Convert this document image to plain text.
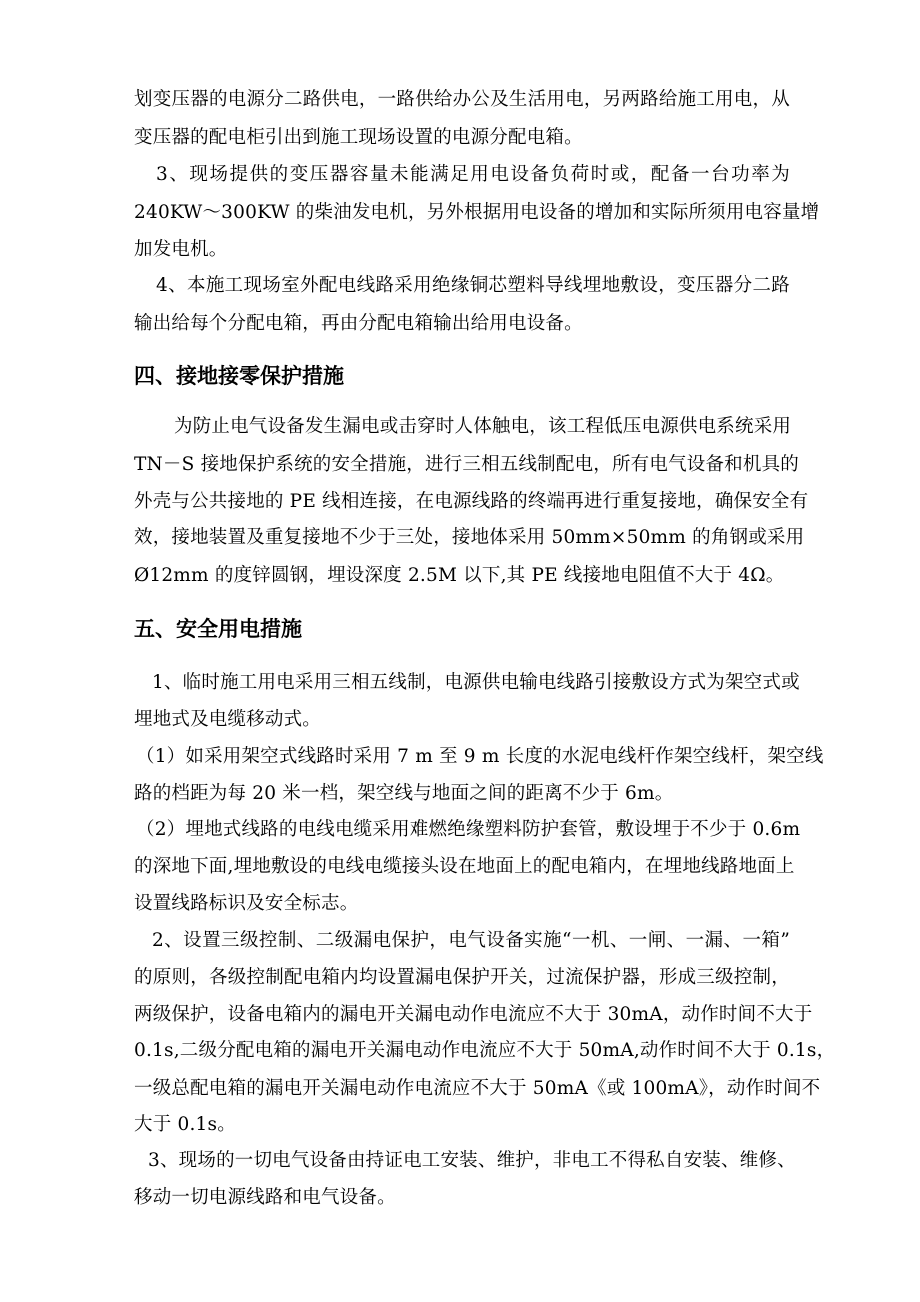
划变压器的电源分二路供电，一路供给办公及生活用电，另两路给施工用电，从
变压器的配电柜引出到施工现场设置的电源分配电箱。
3、现场提供的变压器容量未能满足用电设备负荷时或，配备一台功率为
240KW～300KW 的柴油发电机，另外根据用电设备的增加和实际所须用电容量增
加发电机。
4、本施工现场室外配电线路采用绝缘铜芯塑料导线埋地敷设，变压器分二路
输出给每个分配电箱，再由分配电箱输出给用电设备。
四、接地接零保护措施
为防止电气设备发生漏电或击穿时人体触电，该工程低压电源供电系统采用
TN－S 接地保护系统的安全措施，进行三相五线制配电，所有电气设备和机具的
外壳与公共接地的 PE 线相连接，在电源线路的终端再进行重复接地，确保安全有
效，接地装置及重复接地不少于三处，接地体采用 50mm×50mm 的角钢或采用
Ø12mm 的度锌圆钢，埋设深度 2.5M 以下,其 PE 线接地电阻值不大于 4Ω。
五、安全用电措施
1、临时施工用电采用三相五线制，电源供电输电线路引接敷设方式为架空式或
埋地式及电缆移动式。
（1）如采用架空式线路时采用 7 m 至 9 m 长度的水泥电线杆作架空线杆，架空线
路的档距为每 20 米一档，架空线与地面之间的距离不少于 6m。
（2）埋地式线路的电线电缆采用难燃绝缘塑料防护套管，敷设埋于不少于 0.6m
的深地下面,埋地敷设的电线电缆接头设在地面上的配电箱内，在埋地线路地面上
设置线路标识及安全标志。
2、设置三级控制、二级漏电保护，电气设备实施“一机、一闸、一漏、一箱”
的原则，各级控制配电箱内均设置漏电保护开关，过流保护器，形成三级控制，
两级保护，设备电箱内的漏电开关漏电动作电流应不大于 30mA，动作时间不大于
0.1s,二级分配电箱的漏电开关漏电动作电流应不大于 50mA,动作时间不大于 0.1s，
一级总配电箱的漏电开关漏电动作电流应不大于 50mA《或 100mA》，动作时间不
大于 0.1s。
3、现场的一切电气设备由持证电工安装、维护，非电工不得私自安装、维修、
移动一切电源线路和电气设备。
